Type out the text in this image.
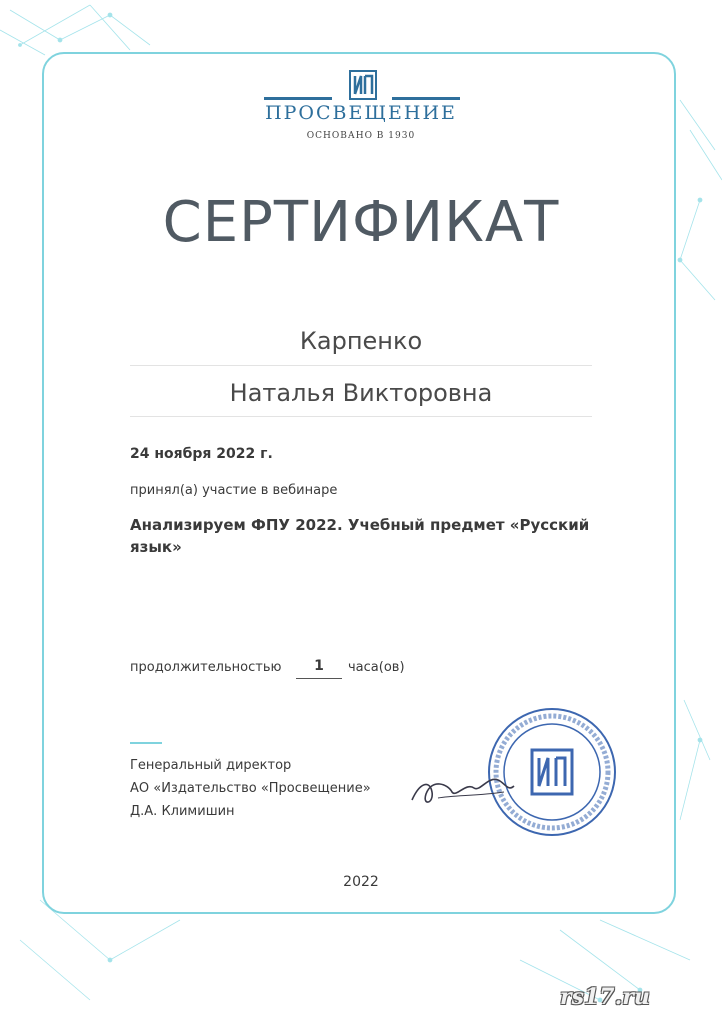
ПРОСВЕЩЕНИЕ
ОСНОВАНО В 1930
СЕРТИФИКАТ
Карпенко
Наталья Викторовна
24 ноября 2022 г.
принял(а) участие в вебинаре
Анализируем ФПУ 2022. Учебный предмет «Русский язык»
продолжительностью	1	часа(ов)
Генеральный директор
АО «Издательство «Просвещение»
Д.А. Климишин
2022
rs17.ru
